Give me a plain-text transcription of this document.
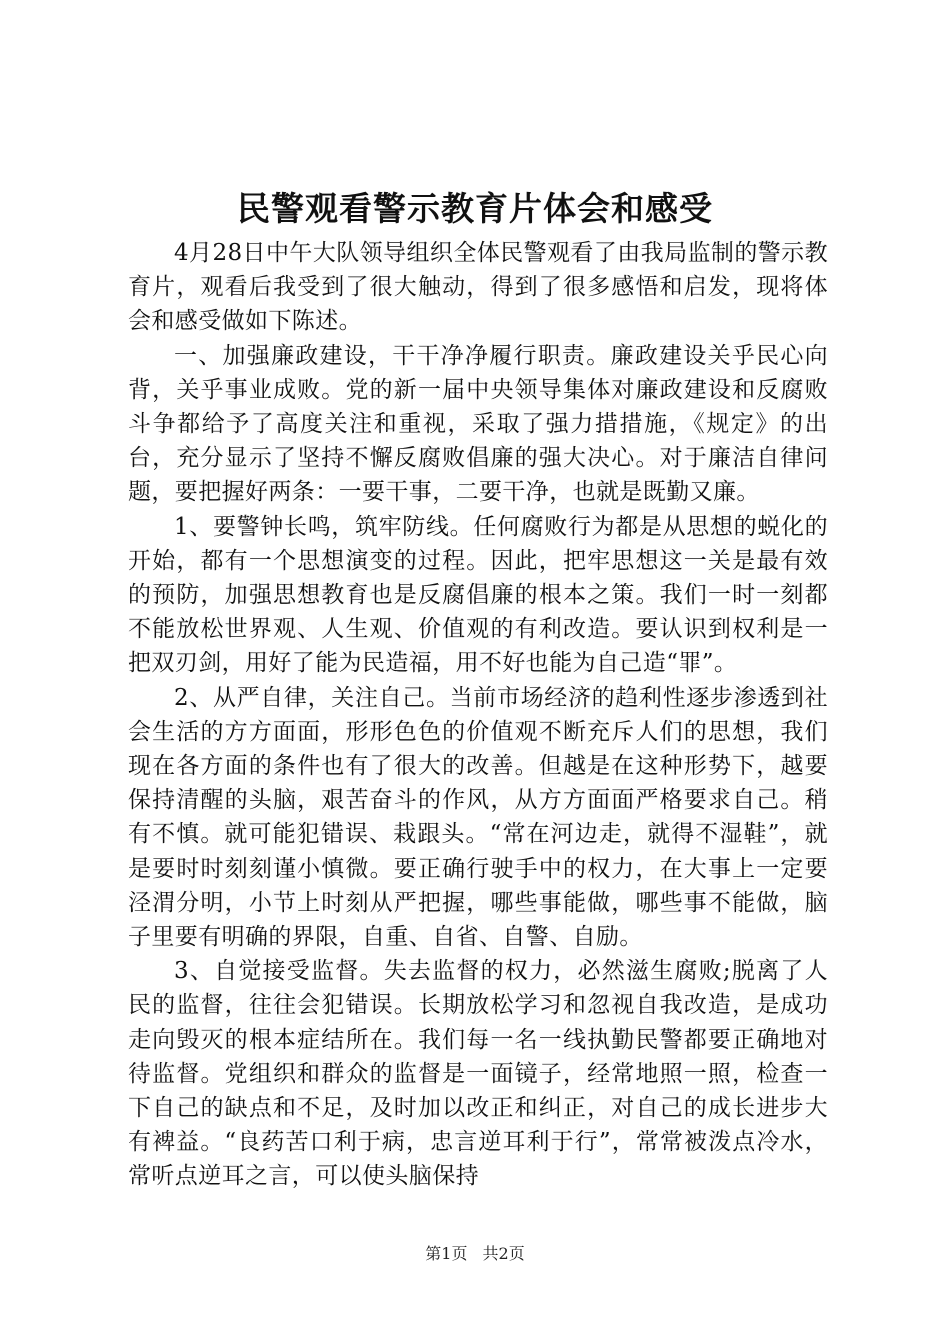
民警观看警示教育片体会和感受

4月28日中午大队领导组织全体民警观看了由我局监制的警示教育片，观看后我受到了很大触动，得到了很多感悟和启发，现将体会和感受做如下陈述。

一、加强廉政建设，干干净净履行职责。廉政建设关乎民心向背，关乎事业成败。党的新一届中央领导集体对廉政建设和反腐败斗争都给予了高度关注和重视，采取了强力措措施，《规定》的出台，充分显示了坚持不懈反腐败倡廉的强大决心。对于廉洁自律问题，要把握好两条：一要干事，二要干净，也就是既勤又廉。

1、要警钟长鸣，筑牢防线。任何腐败行为都是从思想的蜕化的开始，都有一个思想演变的过程。因此，把牢思想这一关是最有效的预防，加强思想教育也是反腐倡廉的根本之策。我们一时一刻都不能放松世界观、人生观、价值观的有利改造。要认识到权利是一把双刃剑，用好了能为民造福，用不好也能为自己造“罪”。

2、从严自律，关注自己。当前市场经济的趋利性逐步渗透到社会生活的方方面面，形形色色的价值观不断充斥人们的思想，我们现在各方面的条件也有了很大的改善。但越是在这种形势下，越要保持清醒的头脑，艰苦奋斗的作风，从方方面面严格要求自己。稍有不慎。就可能犯错误、栽跟头。“常在河边走，就得不湿鞋”，就是要时时刻刻谨小慎微。要正确行驶手中的权力，在大事上一定要泾渭分明，小节上时刻从严把握，哪些事能做，哪些事不能做，脑子里要有明确的界限，自重、自省、自警、自励。

3、自觉接受监督。失去监督的权力，必然滋生腐败;脱离了人民的监督，往往会犯错误。长期放松学习和忽视自我改造，是成功走向毁灭的根本症结所在。我们每一名一线执勤民警都要正确地对待监督。党组织和群众的监督是一面镜子，经常地照一照，检查一下自己的缺点和不足，及时加以改正和纠正，对自己的成长进步大有裨益。“良药苦口利于病，忠言逆耳利于行”，常常被泼点冷水，常听点逆耳之言，可以使头脑保持

第1页 共2页
